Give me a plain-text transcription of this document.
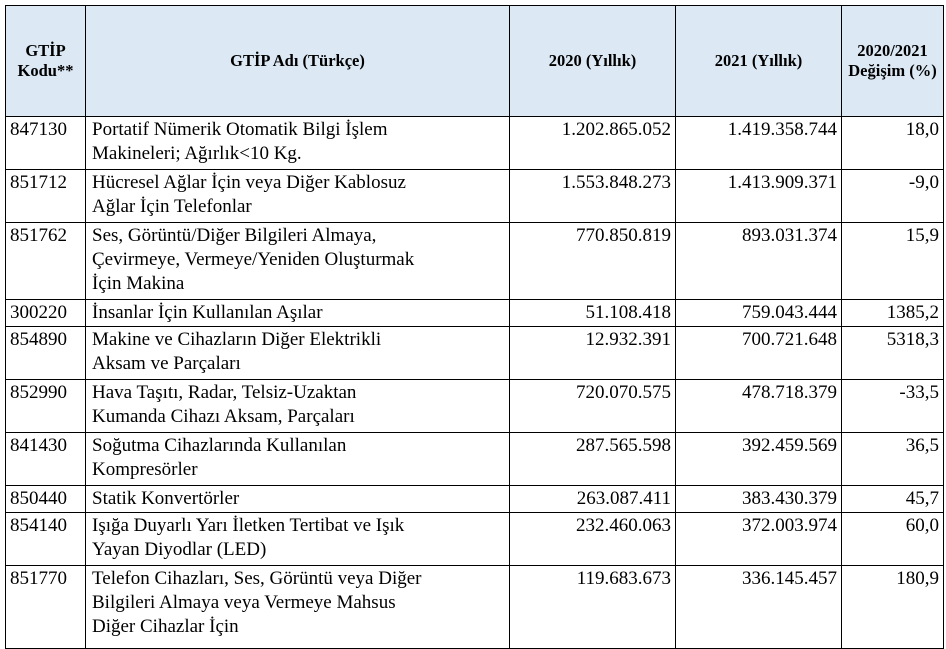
GTİP Kodu**	GTİP Adı (Türkçe)	2020 (Yıllık)	2021 (Yıllık)	2020/2021 Değişim (%)
847130	Portatif Nümerik Otomatik Bilgi İşlem
Makineleri; Ağırlık<10 Kg.	1.202.865.052	1.419.358.744	18,0
851712	Hücresel Ağlar İçin veya Diğer Kablosuz
Ağlar İçin Telefonlar	1.553.848.273	1.413.909.371	-9,0
851762	Ses, Görüntü/Diğer Bilgileri Almaya,
Çevirmeye, Vermeye/Yeniden Oluşturmak
İçin Makina	770.850.819	893.031.374	15,9
300220	İnsanlar İçin Kullanılan Aşılar	51.108.418	759.043.444	1385,2
854890	Makine ve Cihazların Diğer Elektrikli
Aksam ve Parçaları	12.932.391	700.721.648	5318,3
852990	Hava Taşıtı, Radar, Telsiz-Uzaktan
Kumanda Cihazı Aksam, Parçaları	720.070.575	478.718.379	-33,5
841430	Soğutma Cihazlarında Kullanılan
Kompresörler	287.565.598	392.459.569	36,5
850440	Statik Konvertörler	263.087.411	383.430.379	45,7
854140	Işığa Duyarlı Yarı İletken Tertibat ve Işık
Yayan Diyodlar (LED)	232.460.063	372.003.974	60,0
851770	Telefon Cihazları, Ses, Görüntü veya Diğer
Bilgileri Almaya veya Vermeye Mahsus
Diğer Cihazlar İçin	119.683.673	336.145.457	180,9
